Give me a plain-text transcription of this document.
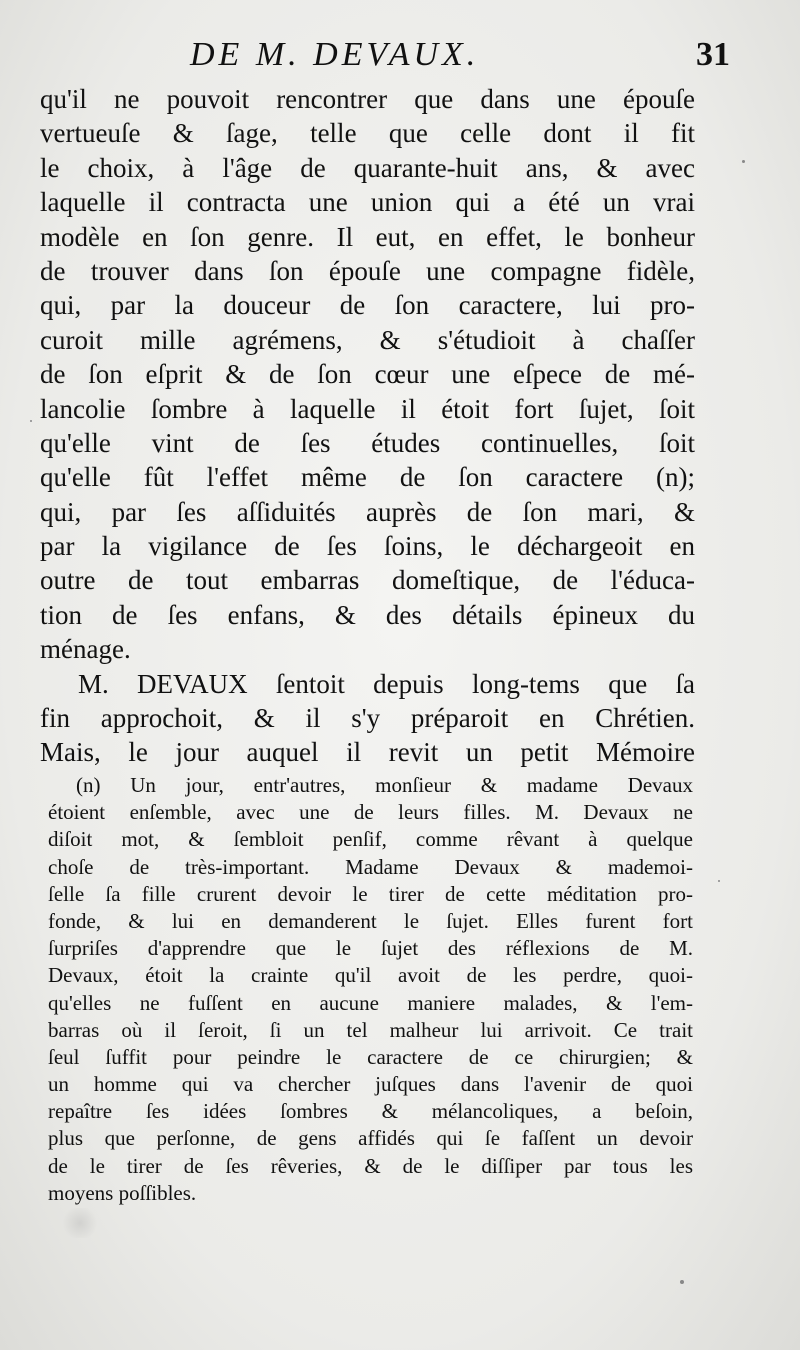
DE M. DEVAUX.	31
qu'il ne pouvoit rencontrer que dans une épouſe
vertueuſe & ſage, telle que celle dont il fit
le choix, à l'âge de quarante-huit ans, & avec
laquelle il contracta une union qui a été un vrai
modèle en ſon genre. Il eut, en effet, le bonheur
de trouver dans ſon épouſe une compagne fidèle,
qui, par la douceur de ſon caractere, lui pro-
curoit mille agrémens, & s'étudioit à chaſſer
de ſon eſprit & de ſon cœur une eſpece de mé-
lancolie ſombre à laquelle il étoit fort ſujet, ſoit
qu'elle vint de ſes études continuelles, ſoit
qu'elle fût l'effet même de ſon caractere (n);
qui, par ſes aſſiduités auprès de ſon mari, &
par la vigilance de ſes ſoins, le déchargeoit en
outre de tout embarras domeſtique, de l'éduca-
tion de ſes enfans, & des détails épineux du
ménage.
M. DEVAUX ſentoit depuis long-tems que ſa
fin approchoit, & il s'y préparoit en Chrétien.
Mais, le jour auquel il revit un petit Mémoire
(n) Un jour, entr'autres, monſieur & madame Devaux
étoient enſemble, avec une de leurs filles. M. Devaux ne
diſoit mot, & ſembloit penſif, comme rêvant à quelque
choſe de très-important. Madame Devaux & mademoi-
ſelle ſa fille crurent devoir le tirer de cette méditation pro-
fonde, & lui en demanderent le ſujet. Elles furent fort
ſurpriſes d'apprendre que le ſujet des réflexions de M.
Devaux, étoit la crainte qu'il avoit de les perdre, quoi-
qu'elles ne fuſſent en aucune maniere malades, & l'em-
barras où il ſeroit, ſi un tel malheur lui arrivoit. Ce trait
ſeul ſuffit pour peindre le caractere de ce chirurgien; &
un homme qui va chercher juſques dans l'avenir de quoi
repaître ſes idées ſombres & mélancoliques, a beſoin,
plus que perſonne, de gens affidés qui ſe faſſent un devoir
de le tirer de ſes rêveries, & de le diſſiper par tous les
moyens poſſibles.
